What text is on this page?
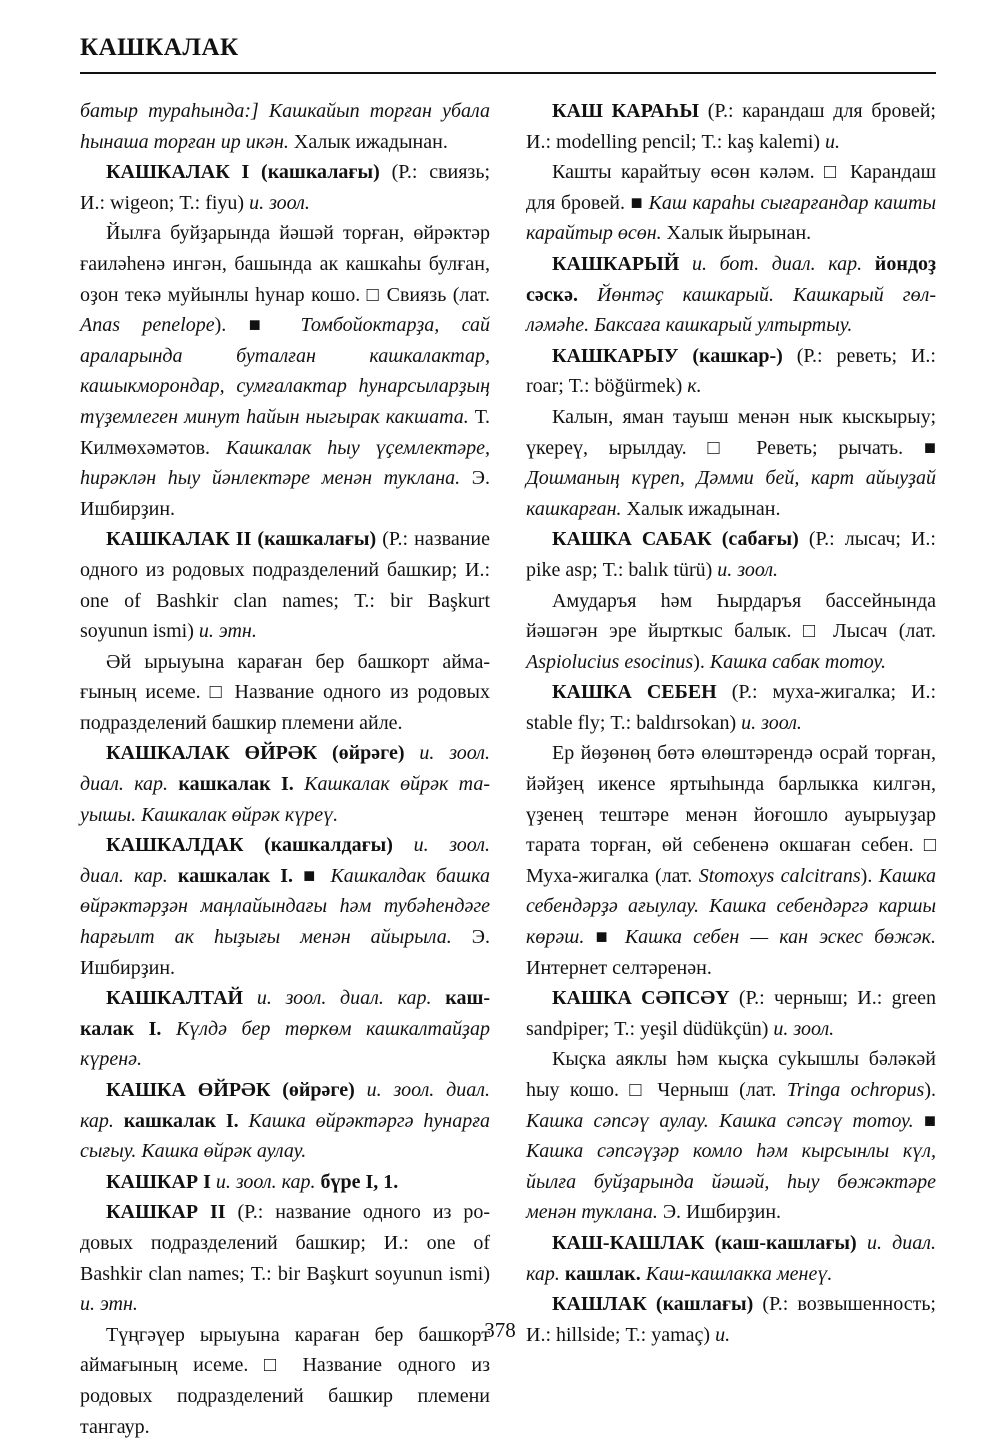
КАШКАЛАК

батыр тураһында:] Кашкайып торған убала һынаша торған ир икән. Халык ижадынан.

КАШКАЛАК I (кашкалағы) (Р.: свиязь; И.: wigeon; Т.: fiyu) и. зоол.

Йылға буйҙарында йәшәй торған, өйрәктәр ғаиләһенә ингән, башында ак кашкаһы булған, оҙон текә муйынлы һунар кошо. □ Свиязь (лат. Anas penelope). ■ Томбойоктарҙа, сай араларында буталған кашкалактар, кашыкморондар, сумғалактар һунарсыларҙың түҙемлеген минут һайын ныгырак какшата. Т. Килмөхәмәтов. Кашкалак һыу үҫемлектәре, һирәклән һыу йәнлектәре менән туклана. Э. Ишбирҙин.

КАШКАЛАК II (кашкалағы) (Р.: название одного из родовых подразделений башкир; И.: one of Bashkir clan names; Т.: bir Başkurt soyunun ismi) и. этн.

Әй ырыуына караған бер башкорт аймағының исеме. □ Название одного из родовых подразделений башкир племени айле.

КАШКАЛАК ӨЙРӘК (өйрәге) и. зоол. диал. кар. кашкалак I. Кашкалак өйрәк тауышы. Кашкалак өйрәк күреү.

КАШКАЛДАК (кашкалдағы) и. зоол. диал. кар. кашкалак I. ■ Кашкалдак башка өйрәктәрҙән маңлайындағы һәм тубәһендәге һарғылт ак һыҙығы менән айырыла. Э. Ишбирҙин.

КАШКАЛТАЙ и. зоол. диал. кар. кашкалак I. Күлдә бер төркөм кашкалтайҙар күренә.

КАШКА ӨЙРӘК (өйрәге) и. зоол. диал. кар. кашкалак I. Кашка өйрәктәргә һунарға сығыу. Кашка өйрәк аулау.

КАШКАР I и. зоол. кар. бүре I, 1.

КАШКАР II (Р.: название одного из родовых подразделений башкир; И.: one of Bashkir clan names; Т.: bir Başkurt soyunun ismi) и. этн.

Түңгәүер ырыуына караған бер башкорт аймағының исеме. □ Название одного из родовых подразделений башкир племени тангаур.

КАШ КАРАҺЫ (Р.: карандаш для бровей; И.: modelling pencil; Т.: kaş kalemi) и.

Кашты карайтыу өсөн кәләм. □ Карандаш для бровей. ■ Каш караһы сығарғандар кашты карайтыр өсөн. Халык йырынан.

КАШКАРЫЙ и. бот. диал. кар. йондоҙ сәскә. Йөнтәҫ кашкарый. Кашкарый гөлләмәһе. Баксаға кашкарый ултыртыу.

КАШКАРЫУ (кашкар-) (Р.: реветь; И.: roar; Т.: böğürmek) к.

Калын, яман тауыш менән нык кыскырыу; үкереү, ырылдау. □ Реветь; рычать. ■ Дошманың күреп, Дәмми бей, карт айыуҙай кашкарған. Халык ижадынан.

КАШКА САБАК (сабағы) (Р.: лысач; И.: pike asp; Т.: balık türü) и. зоол.

Амударъя һәм Һырдаръя бассейнында йәшәгән эре йырткыс балык. □ Лысач (лат. Aspiolucius esocinus). Кашка сабак тотоу.

КАШКА СЕБЕН (Р.: муха-жигалка; И.: stable fly; Т.: baldırsokan) и. зоол.

Ер йөҙөнөң бөтә өлөштәрендә осрай торған, йәйҙең икенсе яртыһында барлыкка килгән, үҙенең тештәре менән йоғошло ауырыуҙар тарата торған, өй себененә окшаған себен. □ Муха-жигалка (лат. Stomoxys calcitrans). Кашка себендәрҙә ағыулау. Кашка себендәргә каршы көрәш. ■ Кашка себен — кан эскес бөжәк. Интернет селтәренән.

КАШКА СӘПСӘҮ (Р.: черныш; И.: green sandpiper; Т.: yeşil düdükçün) и. зоол.

Кыҫка аяклы һәм кыҫка суkышлы бәләкәй һыу кошо. □ Черныш (лат. Tringa ochropus). Кашка сәпсәү аулау. Кашка сәпсәү тотоу. ■ Кашка сәпсәүҙәр комло һәм кырсынлы күл, йылға буйҙарында йәшәй, һыу бөжәктәре менән туклана. Э. Ишбирҙин.

КАШ-КАШЛАК (каш-кашлағы) и. диал. кар. кашлак. Каш-кашлакка менеү.

КАШЛАК (кашлағы) (Р.: возвышенность; И.: hillside; Т.: yamaç) и.

378
